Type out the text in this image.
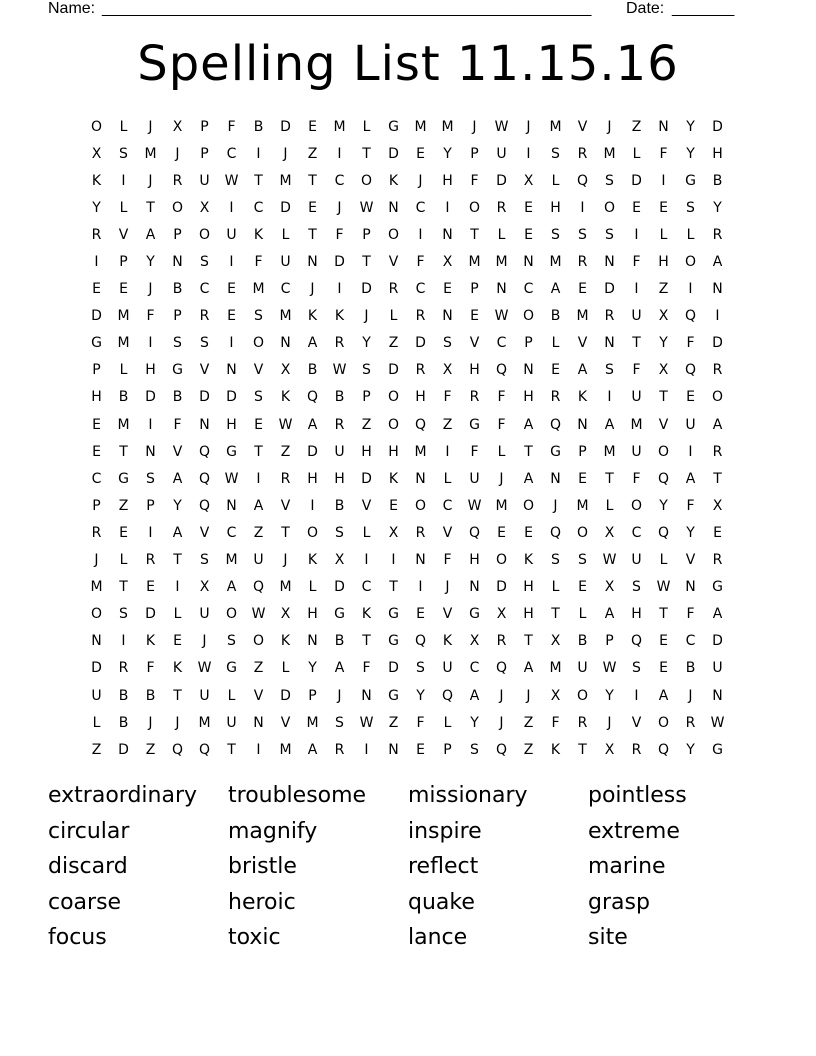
Name: _______________________________________________________ Date: _______
Spelling List 11.15.16
O	L	J	X	P	F	B	D	E	M	L	G	M	M	J	W	J	M	V	J	Z	N	Y	D
X	S	M	J	P	C	I	J	Z	I	T	D	E	Y	P	U	I	S	R	M	L	F	Y	H
K	I	J	R	U	W	T	M	T	C	O	K	J	H	F	D	X	L	Q	S	D	I	G	B
Y	L	T	O	X	I	C	D	E	J	W	N	C	I	O	R	E	H	I	O	E	E	S	Y
R	V	A	P	O	U	K	L	T	F	P	O	I	N	T	L	E	S	S	S	I	L	L	R
I	P	Y	N	S	I	F	U	N	D	T	V	F	X	M	M	N	M	R	N	F	H	O	A
E	E	J	B	C	E	M	C	J	I	D	R	C	E	P	N	C	A	E	D	I	Z	I	N
D	M	F	P	R	E	S	M	K	K	J	L	R	N	E	W	O	B	M	R	U	X	Q	I
G	M	I	S	S	I	O	N	A	R	Y	Z	D	S	V	C	P	L	V	N	T	Y	F	D
P	L	H	G	V	N	V	X	B	W	S	D	R	X	H	Q	N	E	A	S	F	X	Q	R
H	B	D	B	D	D	S	K	Q	B	P	O	H	F	R	F	H	R	K	I	U	T	E	O
E	M	I	F	N	H	E	W	A	R	Z	O	Q	Z	G	F	A	Q	N	A	M	V	U	A
E	T	N	V	Q	G	T	Z	D	U	H	H	M	I	F	L	T	G	P	M	U	O	I	R
C	G	S	A	Q	W	I	R	H	H	D	K	N	L	U	J	A	N	E	T	F	Q	A	T
P	Z	P	Y	Q	N	A	V	I	B	V	E	O	C	W	M	O	J	M	L	O	Y	F	X
R	E	I	A	V	C	Z	T	O	S	L	X	R	V	Q	E	E	Q	O	X	C	Q	Y	E
J	L	R	T	S	M	U	J	K	X	I	I	N	F	H	O	K	S	S	W	U	L	V	R
M	T	E	I	X	A	Q	M	L	D	C	T	I	J	N	D	H	L	E	X	S	W	N	G
O	S	D	L	U	O	W	X	H	G	K	G	E	V	G	X	H	T	L	A	H	T	F	A
N	I	K	E	J	S	O	K	N	B	T	G	Q	K	X	R	T	X	B	P	Q	E	C	D
D	R	F	K	W	G	Z	L	Y	A	F	D	S	U	C	Q	A	M	U	W	S	E	B	U
U	B	B	T	U	L	V	D	P	J	N	G	Y	Q	A	J	J	X	O	Y	I	A	J	N
L	B	J	J	M	U	N	V	M	S	W	Z	F	L	Y	J	Z	F	R	J	V	O	R	W
Z	D	Z	Q	Q	T	I	M	A	R	I	N	E	P	S	Q	Z	K	T	X	R	Q	Y	G
extraordinary	troublesome	missionary	pointless
circular	magnify	inspire	extreme
discard	bristle	reflect	marine
coarse	heroic	quake	grasp
focus	toxic	lance	site
